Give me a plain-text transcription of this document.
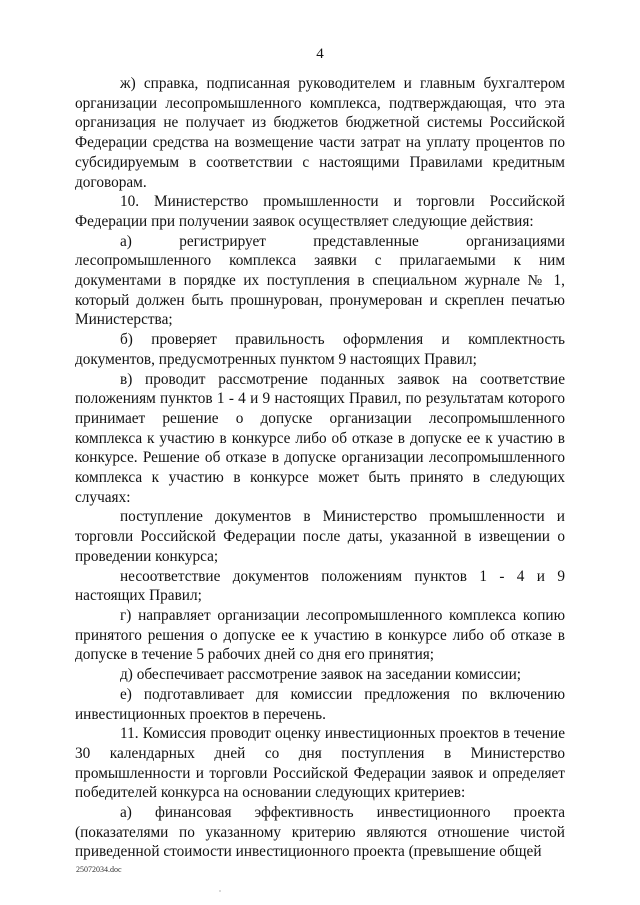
4

ж) справка, подписанная руководителем и главным бухгалтером организации лесопромышленного комплекса, подтверждающая, что эта организация не получает из бюджетов бюджетной системы Российской Федерации средства на возмещение части затрат на уплату процентов по субсидируемым в соответствии с настоящими Правилами кредитным договорам.

10. Министерство промышленности и торговли Российской Федерации при получении заявок осуществляет следующие действия:

а) регистрирует представленные организациями лесопромышленного комплекса заявки с прилагаемыми к ним документами в порядке их поступления в специальном журнале № 1, который должен быть прошнурован, пронумерован и скреплен печатью Министерства;

б) проверяет правильность оформления и комплектность документов, предусмотренных пунктом 9 настоящих Правил;

в) проводит рассмотрение поданных заявок на соответствие положениям пунктов 1 - 4 и 9 настоящих Правил, по результатам которого принимает решение о допуске организации лесопромышленного комплекса к участию в конкурсе либо об отказе в допуске ее к участию в конкурсе. Решение об отказе в допуске организации лесопромышленного комплекса к участию в конкурсе может быть принято в следующих случаях:

поступление документов в Министерство промышленности и торговли Российской Федерации после даты, указанной в извещении о проведении конкурса;

несоответствие документов положениям пунктов 1 - 4 и 9 настоящих Правил;

г) направляет организации лесопромышленного комплекса копию принятого решения о допуске ее к участию в конкурсе либо об отказе в допуске в течение 5 рабочих дней со дня его принятия;

д) обеспечивает рассмотрение заявок на заседании комиссии;

е) подготавливает для комиссии предложения по включению инвестиционных проектов в перечень.

11. Комиссия проводит оценку инвестиционных проектов в течение 30 календарных дней со дня поступления в Министерство промышленности и торговли Российской Федерации заявок и определяет победителей конкурса на основании следующих критериев:

а) финансовая эффективность инвестиционного проекта (показателями по указанному критерию являются отношение чистой приведенной стоимости инвестиционного проекта (превышение общей

25072034.doc
